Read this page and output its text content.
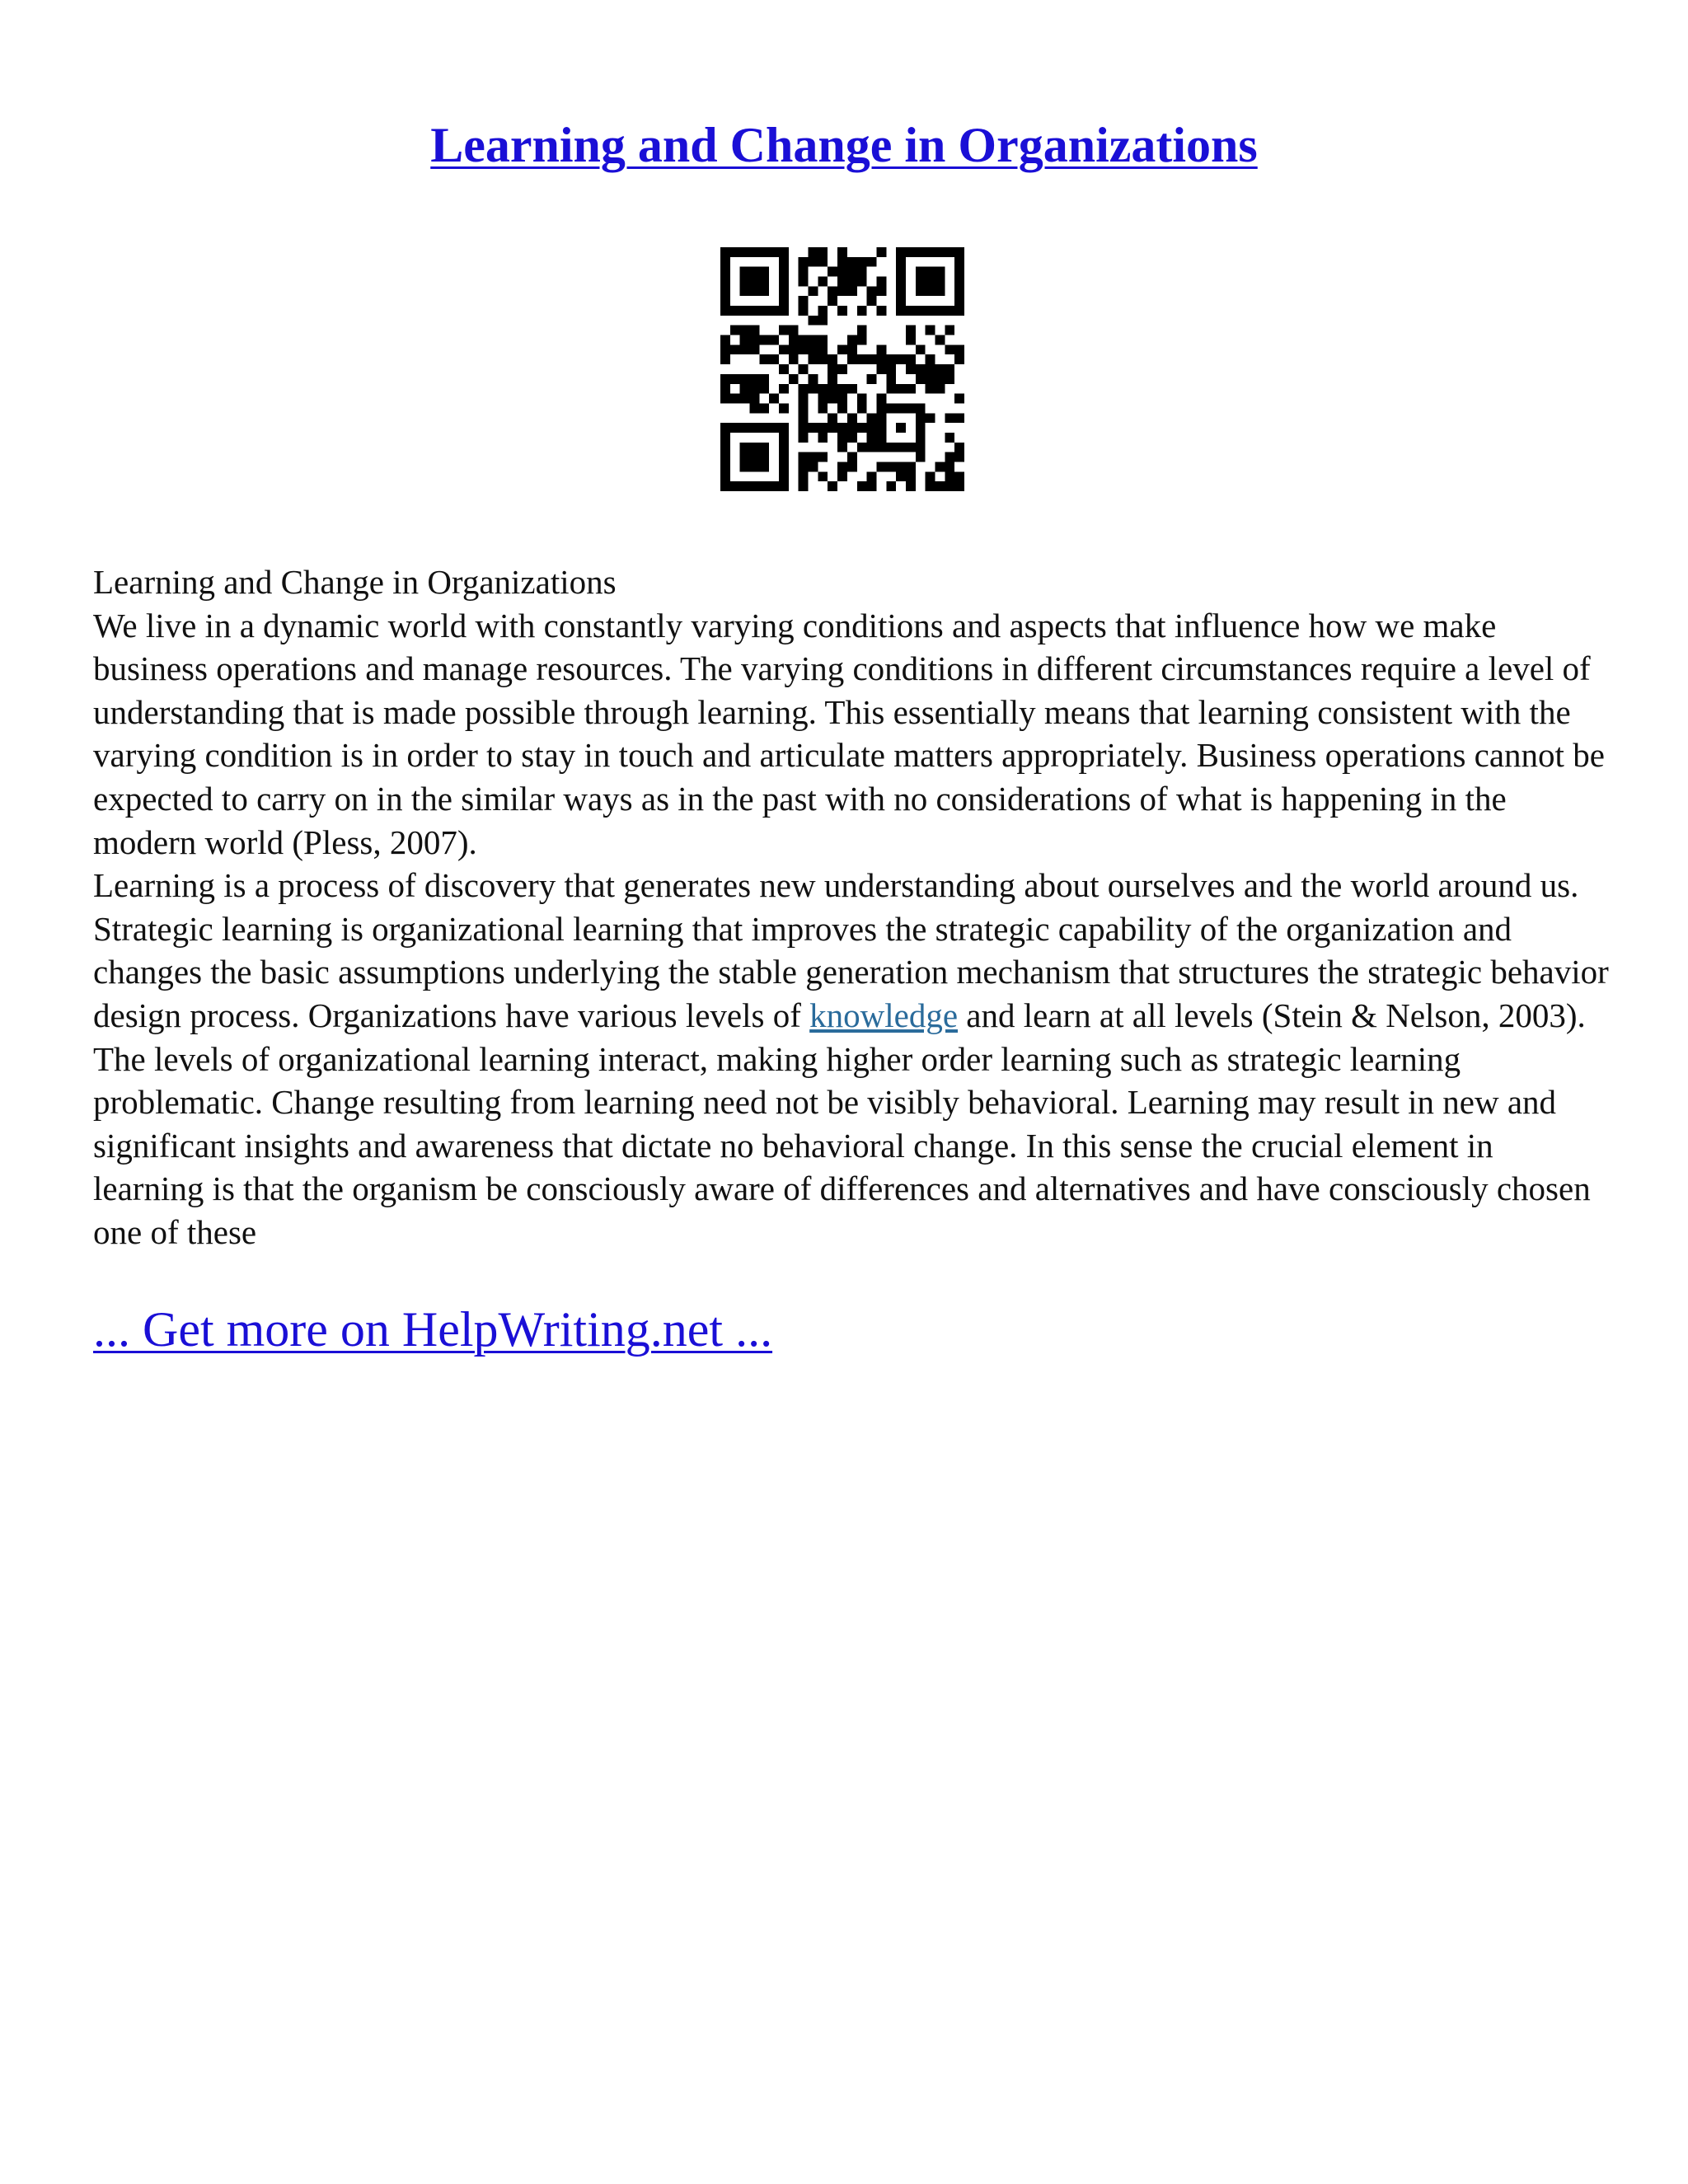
Learning and Change in Organizations

Learning and Change in Organizations

We live in a dynamic world with constantly varying conditions and aspects that influence how we make business operations and manage resources. The varying conditions in different circumstances require a level of understanding that is made possible through learning. This essentially means that learning consistent with the varying condition is in order to stay in touch and articulate matters appropriately. Business operations cannot be expected to carry on in the similar ways as in the past with no considerations of what is happening in the modern world (Pless, 2007).

Learning is a process of discovery that generates new understanding about ourselves and the world around us. Strategic learning is organizational learning that improves the strategic capability of the organization and changes the basic assumptions underlying the stable generation mechanism that structures the strategic behavior design process. Organizations have various levels of knowledge and learn at all levels (Stein & Nelson, 2003). The levels of organizational learning interact, making higher order learning such as strategic learning problematic. Change resulting from learning need not be visibly behavioral. Learning may result in new and significant insights and awareness that dictate no behavioral change. In this sense the crucial element in learning is that the organism be consciously aware of differences and alternatives and have consciously chosen one of these

... Get more on HelpWriting.net ...
